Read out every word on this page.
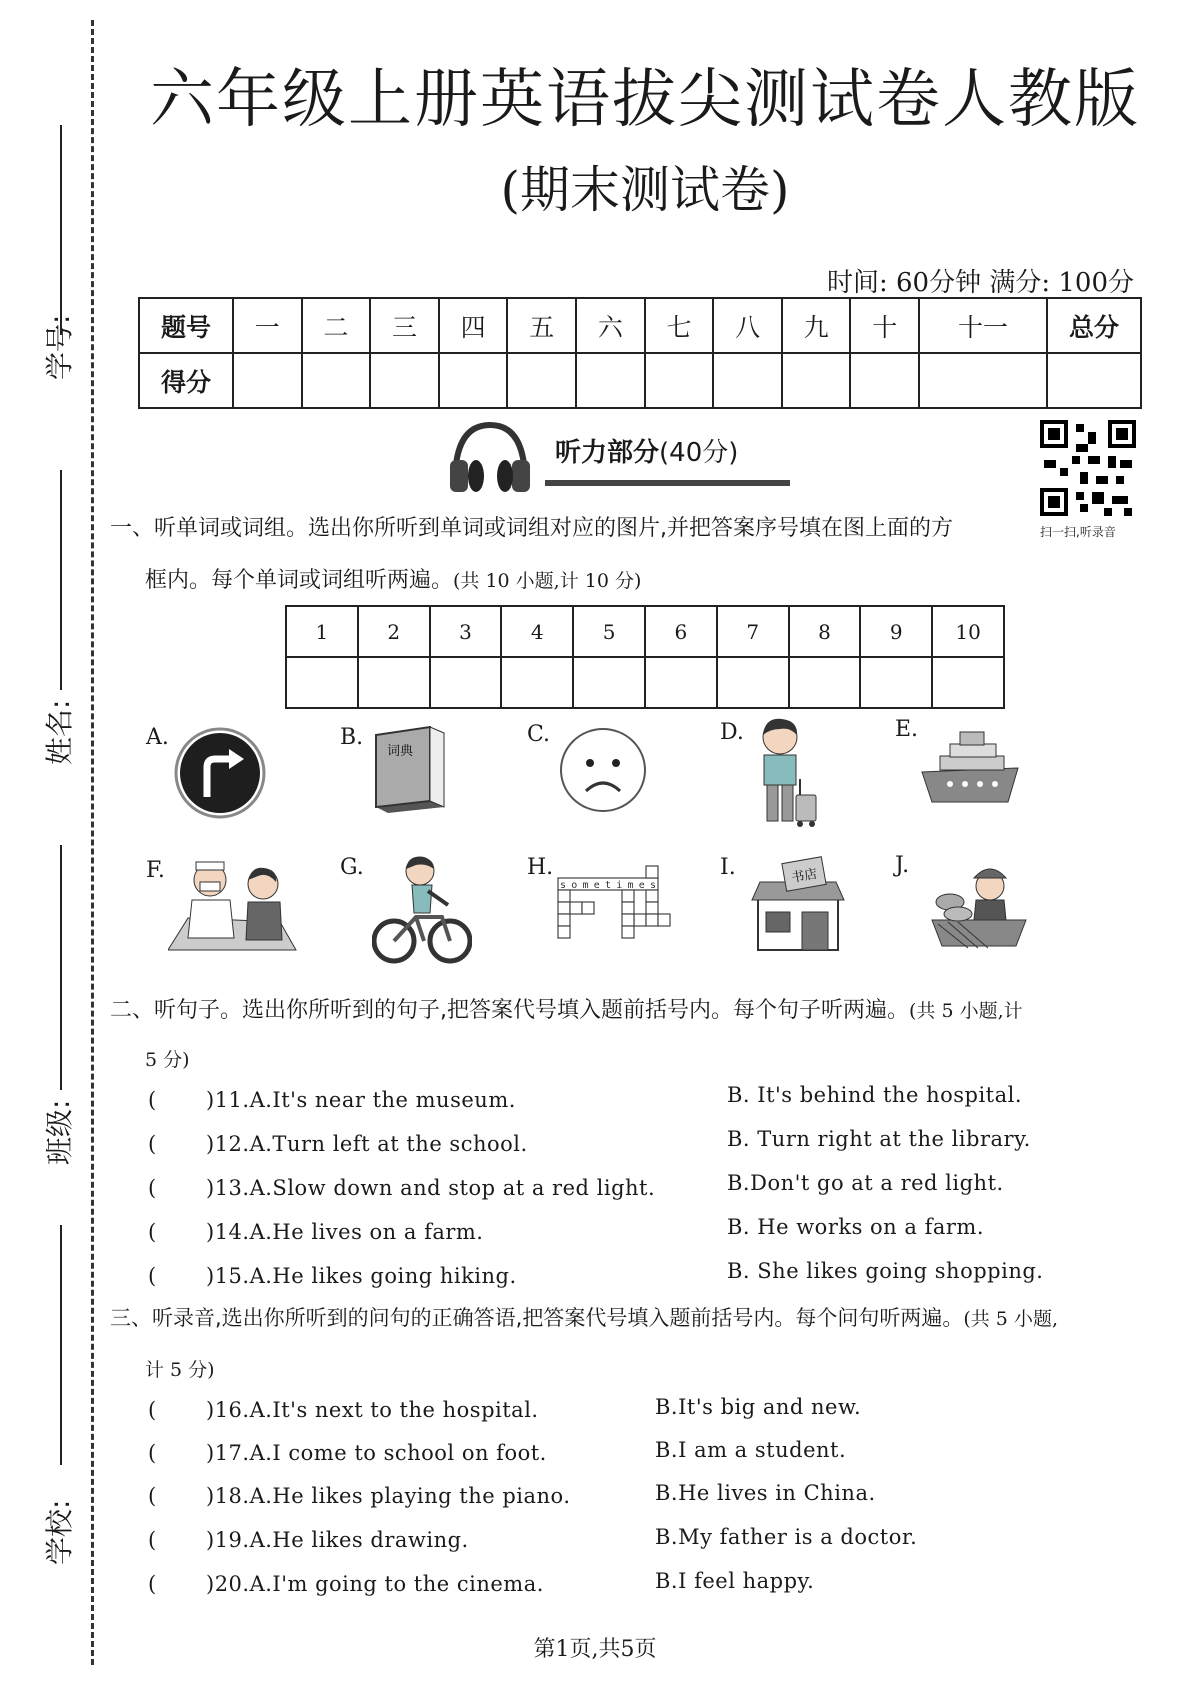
学号:
姓名:
班级:
学校:
六年级上册英语拔尖测试卷人教版
(期末测试卷)
时间: 60分钟 满分: 100分
题号	一	二	三	四	五	六	七	八	九	十	十一	总分
得分												
听力部分(40分)
扫一扫,听录音
一、听单词或词组。选出你所听到单词或词组对应的图片,并把答案序号填在图上面的方
框内。每个单词或词组听两遍。(共 10 小题,计 10 分)
1	2	3	4	5	6	7	8	9	10

A.	B.
词典
C.	D.	E.
F.	G.	H.
sometimes
I.	书店	J.
二、听句子。选出你所听到的句子,把答案代号填入题前括号内。每个句子听两遍。(共 5 小题,计
5 分)
( )11.A.It's near the museum.	B. It's behind the hospital.
( )12.A.Turn left at the school.	B. Turn right at the library.
( )13.A.Slow down and stop at a red light.	B.Don't go at a red light.
( )14.A.He lives on a farm.	B. He works on a farm.
( )15.A.He likes going hiking.	B. She likes going shopping.
三、听录音,选出你所听到的问句的正确答语,把答案代号填入题前括号内。每个问句听两遍。(共 5 小题,
计 5 分)
( )16.A.It's next to the hospital.	B.It's big and new.
( )17.A.I come to school on foot.	B.I am a student.
( )18.A.He likes playing the piano.	B.He lives in China.
( )19.A.He likes drawing.	B.My father is a doctor.
( )20.A.I'm going to the cinema.	B.I feel happy.
第1页,共5页
